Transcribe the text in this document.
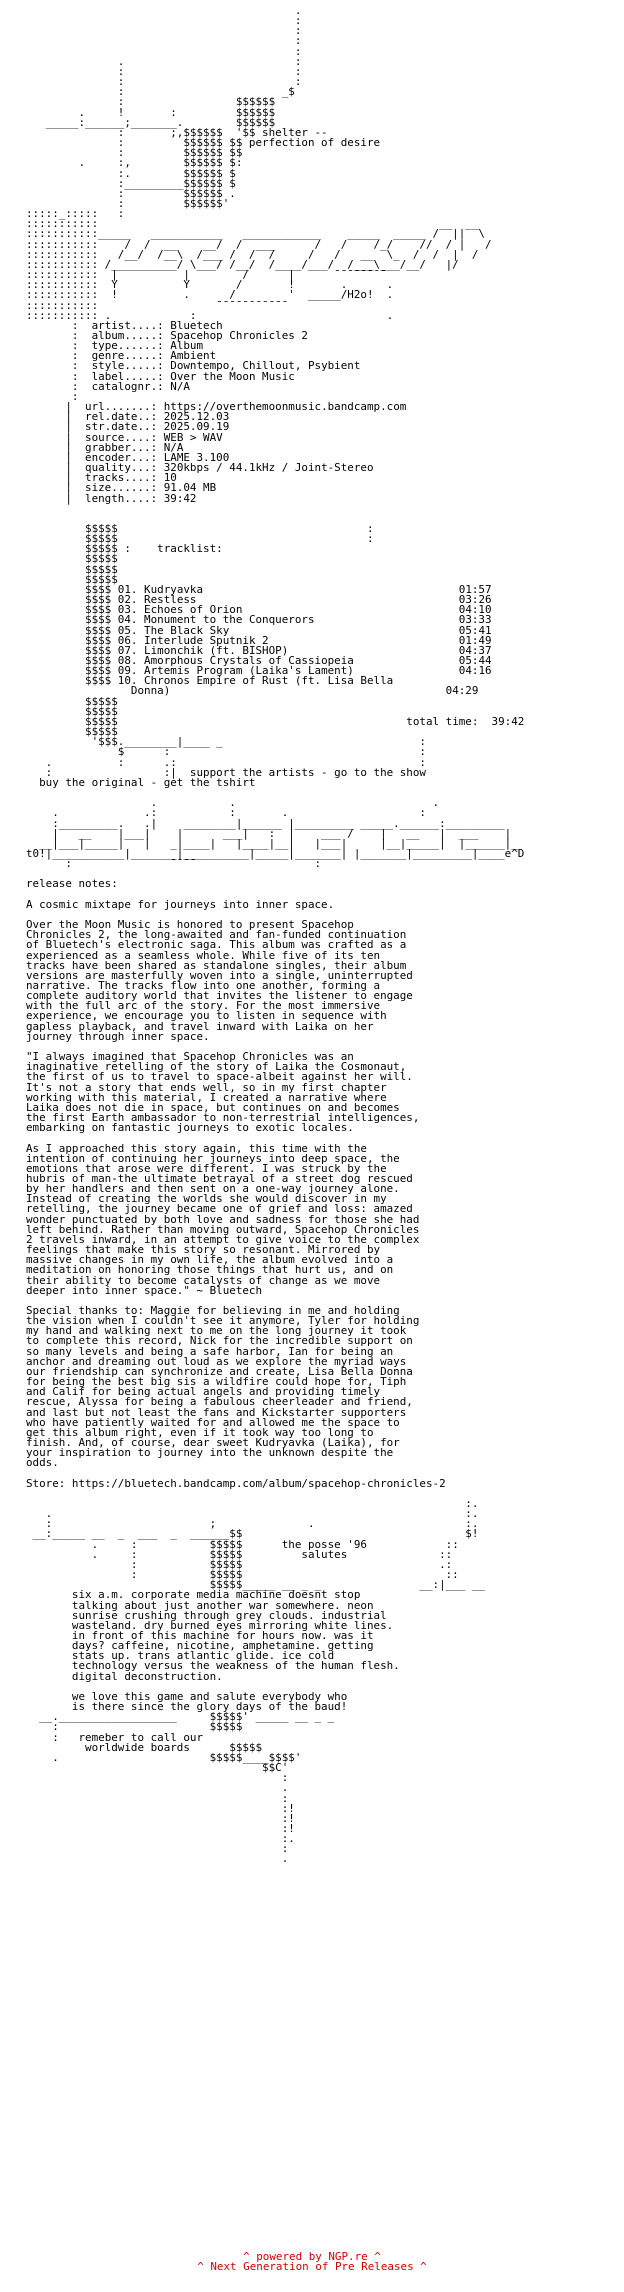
.
:
:
:
:
.                          :
:                          :
:                          :
:                        _$
:                 $$$$$$
.     !       :         $$$$$$
_____:______;_______.        $$$$$$
:       ;,$$$$$$  '$$ shelter --
:         $$$$$$ $$ perfection of desire
:         $$$$$$ $$
.     :,        $$$$$$ $:
:.        $$$$$$ $
:_________$$$$$$ $
:         $$$$$$ .
:         $$$$$$'
:::::_:::::   :
:::::::::::                                                    __  __
:::::::::::_____   ___________   ____________    _____  _____ /  ||  \
:::::::::::    /  /  __    __/  /  ___      /   /    /_/    //  / |   /
:::::::::::   /__/  /__\  /___ /  /  /     /   /   __  \_  /  /  |  /
::::::::::: /__________/ \___/ /__/  /____/___/  /___\___/__/   |/
:::::::::::  |          |        /      |      ¯¯¯¯¯¯¯¯
:::::::::::  Y          Y       /       !       .      .
:::::::::::  !          .      /        '  _____/H2o!  .
:::::::::::                  ¯¯¯¯¯¯¯¯¯¯¯
::::::::::: .            :                             .
:  artist....: Bluetech
:  album.....: Spacehop Chronicles 2
:  type......: Album
:  genre.....: Ambient
:  style.....: Downtempo, Chillout, Psybient
:  label.....: Over the Moon Music
:  catalognr.: N/A
:
|  url.......: https://overthemoonmusic.bandcamp.com
|  rel.date..: 2025.12.03
|  str.date..: 2025.09.19
|  source....: WEB > WAV
|  grabber...: N/A
|  encoder...: LAME 3.100
|  quality...: 320kbps / 44.1kHz / Joint-Stereo
|  tracks....: 10
|  size......: 91.04 MB
|  length....: 39:42

$$$$$                                      :
$$$$$                                      :
$$$$$ :    tracklist:
$$$$$
$$$$$
$$$$$
$$$$ 01. Kudryavka	01:57
$$$$ 02. Restless	03:26
$$$$ 03. Echoes of Orion	04:10
$$$$ 04. Monument to the Conquerors	03:33
$$$$ 05. The Black Sky	05:41
$$$$ 06. Interlude Sputnik 2	01:49
$$$$ 07. Limonchik (ft. BISHOP)	04:37
$$$$ 08. Amorphous Crystals of Cassiopeia	05:44
$$$$ 09. Artemis Program (Laika's Lament)	04:16
$$$$ 10. Chronos Empire of Rust (ft. Lisa Bella
Donna)	04:29
$$$$$
$$$$$
$$$$$	total time: 39:42
$$$$$
'$$$.________|____ _                              :
$      :                                      :
.          :      .:                                     :
:                 :|  support the artists - go to the show
buy the original - get the tshirt

.           .                              .
.             .:           :       .                    :
:_________.   .|    ________|______ |_________ _____.______:_________
|   __    |___|    |      ___|   :  |    ___ /    |   __   |  ___    |
__|___|_____|   |   _|____|   |____|__|   |___|     |__|_____|  |______|_
t0!|___________|_______|__________|_____|_______| |_______|_________|____e^D
:               ¯¯¯¯                  :

release notes:

A cosmic mixtape for journeys into inner space.

Over the Moon Music is honored to present Spacehop
Chronicles 2, the long-awaited and fan-funded continuation
of Bluetech's electronic saga. This album was crafted as a
experienced as a seamless whole. While five of its ten
tracks have been shared as standalone singles, their album
versions are masterfully woven into a single, uninterrupted
narrative. The tracks flow into one another, forming a
complete auditory world that invites the listener to engage
with the full arc of the story. For the most immersive
experience, we encourage you to listen in sequence with
gapless playback, and travel inward with Laika on her
journey through inner space.

"I always imagined that Spacehop Chronicles was an
inaginative retelling of the story of Laika the Cosmonaut,
the first of us to travel to space-albeit against her will.
It's not a story that ends well, so in my first chapter
working with this material, I created a narrative where
Laika does not die in space, but continues on and becomes
the first Earth ambassador to non-terrestrial intelligences,
embarking on fantastic journeys to exotic locales.

As I approached this story again, this time with the
intention of continuing her journeys into deep space, the
emotions that arose were different. I was struck by the
hubris of man-the ultimate betrayal of a street dog rescued
by her handlers and then sent on a one-way journey alone.
Instead of creating the worlds she would discover in my
retelling, the journey became one of grief and loss: amazed
wonder punctuated by both love and sadness for those she had
left behind. Rather than moving outward, Spacehop Chronicles
2 travels inward, in an attempt to give voice to the complex
feelings that make this story so resonant. Mirrored by
massive changes in my own life, the album evolved into a
meditation on honoring those things that hurt us, and on
their ability to become catalysts of change as we move
deeper into inner space." ~ Bluetech

Special thanks to: Maggie for believing in me and holding
the vision when I couldn't see it anymore, Tyler for holding
my hand and walking next to me on the long journey it took
to complete this record, Nick for the incredible support on
so many levels and being a safe harbor, Ian for being an
anchor and dreaming out loud as we explore the myriad ways
our friendship can synchronize and create, Lisa Bella Donna
for being the best big sis a wildfire could hope for, Tiph
and Calif for being actual angels and providing timely
rescue, Alyssa for being a fabulous cheerleader and friend,
and last but not least the fans and Kickstarter supporters
who have patiently waited for and allowed me the space to
get this album right, even if it took way too long to
finish. And, of course, dear sweet Kudryavka (Laika), for
your inspiration to journey into the unknown despite the
odds.

Store: https://bluetech.bandcamp.com/album/spacehop-chronicles-2

:.
.                                                               :.
:                        ;              .                       :.
__:_____ __  _  ___  _  ______$$                                  $!
.     :           $$$$$	the posse '96	::
.     :           $$$$$	salutes	::
:           $$$$$                              .:
:           $$$$$                               ::
$$$$$_____ __ _ _               __:|___ __
six a.m. corporate media machine doesnt stop
talking about just another war somewhere. neon
sunrise crushing through grey clouds. industrial
wasteland. dry burned eyes mirroring white lines.
in front of this machine for hours now. was it
days? caffeine, nicotine, amphetamine. getting
stats up. trans atlantic glide. ice cold
technology versus the weakness of the human flesh.
digital deconstruction.

we love this game and salute everybody who
is there since the glory days of the baud!
__.__________________     $$$$$' _____ __ _ _
:                       $$$$$
:   remeber to call our
worldwide boards	$$$$$
.                       $$$$$____$$$$'
$$C'
:
.
:
:!
:!
:!
:.
:
.
^ powered by NGP.re ^
^ Next Generation of Pre Releases ^
